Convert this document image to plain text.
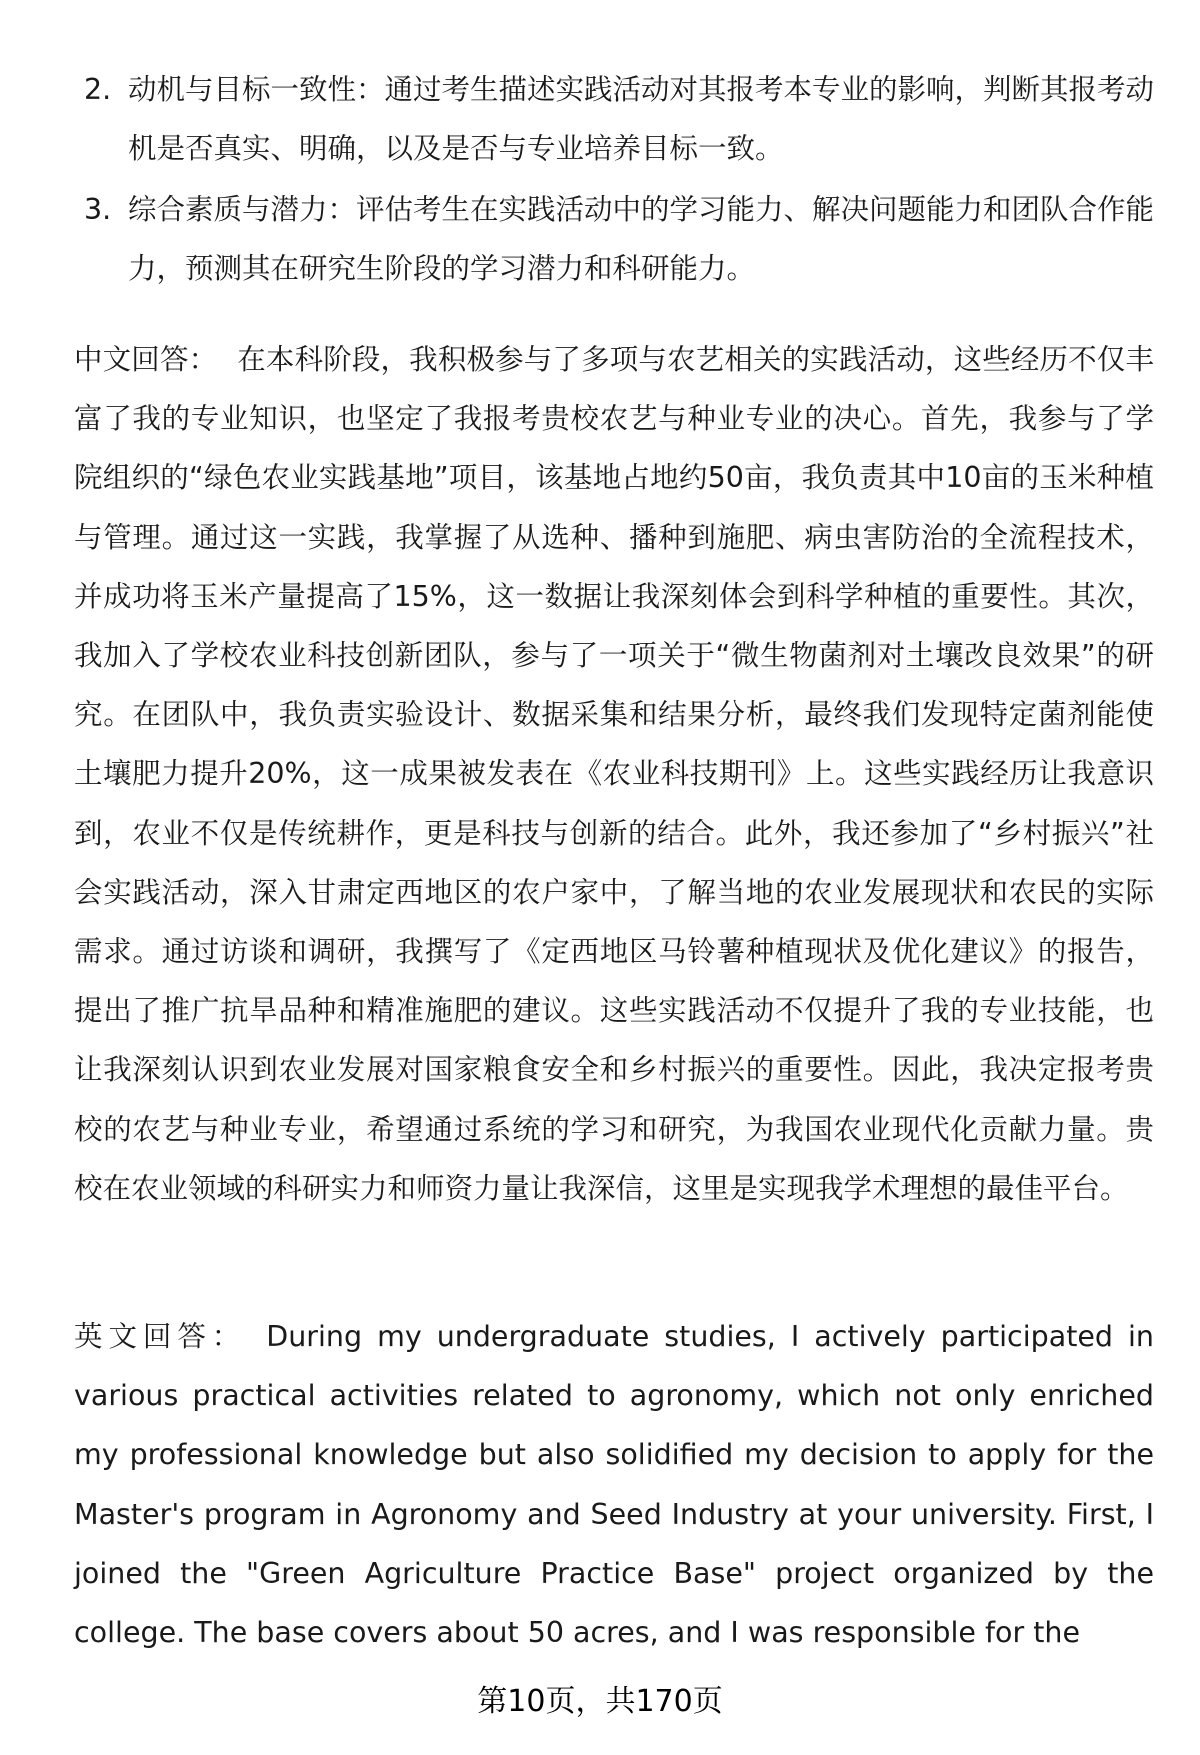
2. 动机与目标一致性：通过考生描述实践活动对其报考本专业的影响，判断其报考动机是否真实、明确，以及是否与专业培养目标一致。
3. 综合素质与潜力：评估考生在实践活动中的学习能力、解决问题能力和团队合作能力，预测其在研究生阶段的学习潜力和科研能力。

中文回答： 在本科阶段，我积极参与了多项与农艺相关的实践活动，这些经历不仅丰富了我的专业知识，也坚定了我报考贵校农艺与种业专业的决心。首先，我参与了学院组织的“绿色农业实践基地”项目，该基地占地约50亩，我负责其中10亩的玉米种植与管理。通过这一实践，我掌握了从选种、播种到施肥、病虫害防治的全流程技术，并成功将玉米产量提高了15%，这一数据让我深刻体会到科学种植的重要性。其次，我加入了学校农业科技创新团队，参与了一项关于“微生物菌剂对土壤改良效果”的研究。在团队中，我负责实验设计、数据采集和结果分析，最终我们发现特定菌剂能使土壤肥力提升20%，这一成果被发表在《农业科技期刊》上。这些实践经历让我意识到，农业不仅是传统耕作，更是科技与创新的结合。此外，我还参加了“乡村振兴”社会实践活动，深入甘肃定西地区的农户家中，了解当地的农业发展现状和农民的实际需求。通过访谈和调研，我撰写了《定西地区马铃薯种植现状及优化建议》的报告，提出了推广抗旱品种和精准施肥的建议。这些实践活动不仅提升了我的专业技能，也让我深刻认识到农业发展对国家粮食安全和乡村振兴的重要性。因此，我决定报考贵校的农艺与种业专业，希望通过系统的学习和研究，为我国农业现代化贡献力量。贵校在农业领域的科研实力和师资力量让我深信，这里是实现我学术理想的最佳平台。

英文回答： During my undergraduate studies, I actively participated in various practical activities related to agronomy, which not only enriched my professional knowledge but also solidified my decision to apply for the Master's program in Agronomy and Seed Industry at your university. First, I joined the "Green Agriculture Practice Base" project organized by the college. The base covers about 50 acres, and I was responsible for the

第10页，共170页
